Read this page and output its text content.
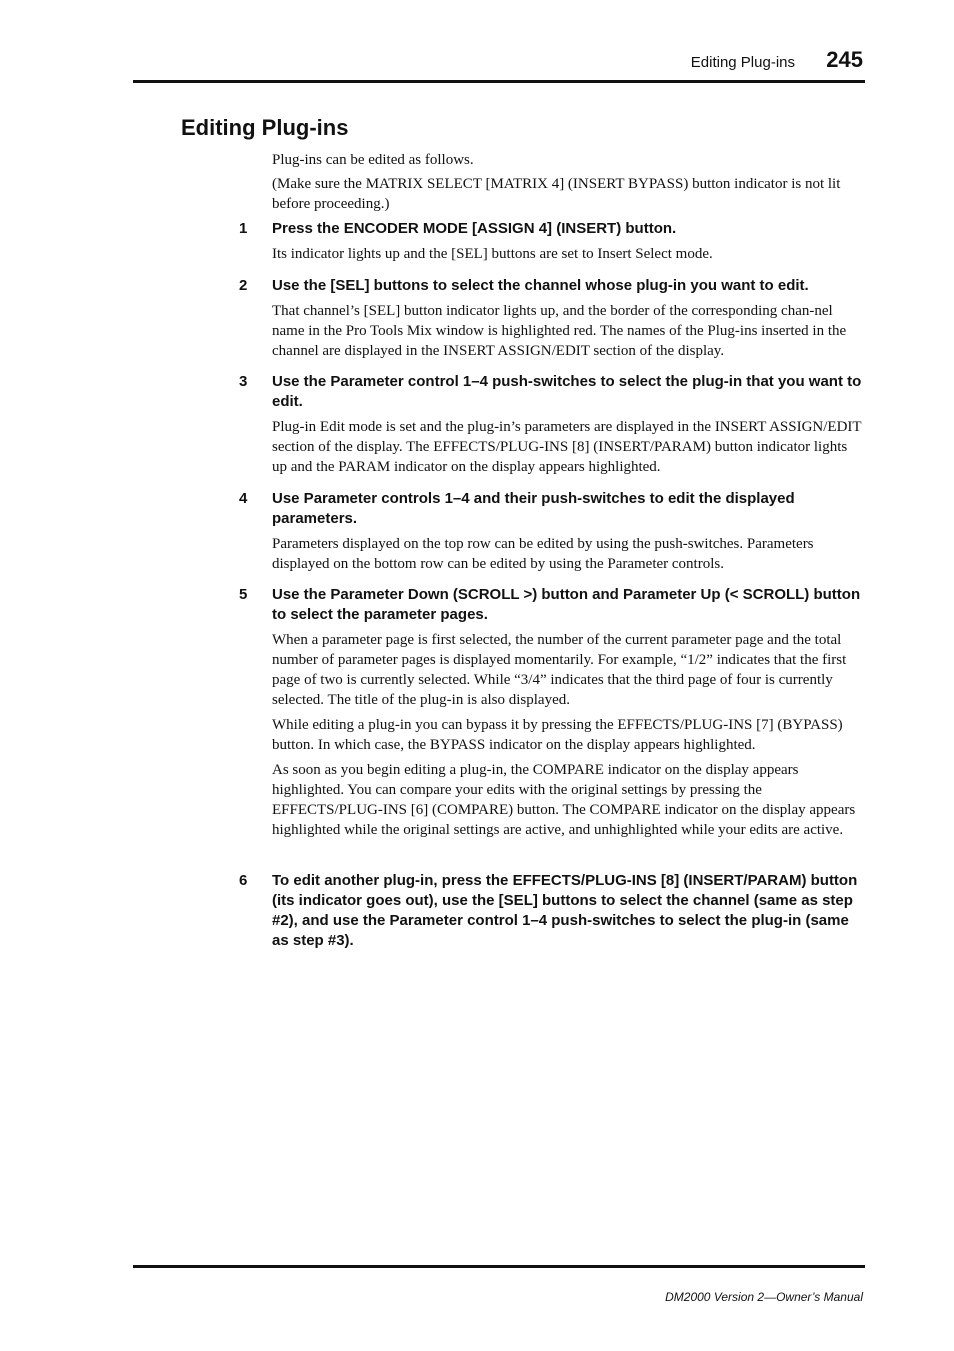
Editing Plug-ins 245
Editing Plug-ins

Plug-ins can be edited as follows.

(Make sure the MATRIX SELECT [MATRIX 4] (INSERT BYPASS) button indicator is not lit before proceeding.)

1 Press the ENCODER MODE [ASSIGN 4] (INSERT) button.

Its indicator lights up and the [SEL] buttons are set to Insert Select mode.

2 Use the [SEL] buttons to select the channel whose plug-in you want to edit.

That channel’s [SEL] button indicator lights up, and the border of the corresponding chan-nel name in the Pro Tools Mix window is highlighted red. The names of the Plug-ins inserted in the channel are displayed in the INSERT ASSIGN/EDIT section of the display.

3 Use the Parameter control 1–4 push-switches to select the plug-in that you want to edit.

Plug-in Edit mode is set and the plug-in’s parameters are displayed in the INSERT ASSIGN/EDIT section of the display. The EFFECTS/PLUG-INS [8] (INSERT/PARAM) button indicator lights up and the PARAM indicator on the display appears highlighted.

4 Use Parameter controls 1–4 and their push-switches to edit the displayed parameters.

Parameters displayed on the top row can be edited by using the push-switches. Parameters displayed on the bottom row can be edited by using the Parameter controls.

5 Use the Parameter Down (SCROLL >) button and Parameter Up (< SCROLL) button to select the parameter pages.

When a parameter page is first selected, the number of the current parameter page and the total number of parameter pages is displayed momentarily. For example, “1/2” indicates that the first page of two is currently selected. While “3/4” indicates that the third page of four is currently selected. The title of the plug-in is also displayed.

While editing a plug-in you can bypass it by pressing the EFFECTS/PLUG-INS [7] (BYPASS) button. In which case, the BYPASS indicator on the display appears highlighted.

As soon as you begin editing a plug-in, the COMPARE indicator on the display appears highlighted. You can compare your edits with the original settings by pressing the EFFECTS/PLUG-INS [6] (COMPARE) button. The COMPARE indicator on the display appears highlighted while the original settings are active, and unhighlighted while your edits are active.

6 To edit another plug-in, press the EFFECTS/PLUG-INS [8] (INSERT/PARAM) button (its indicator goes out), use the [SEL] buttons to select the channel (same as step #2), and use the Parameter control 1–4 push-switches to select the plug-in (same as step #3).

DM2000 Version 2—Owner’s Manual
